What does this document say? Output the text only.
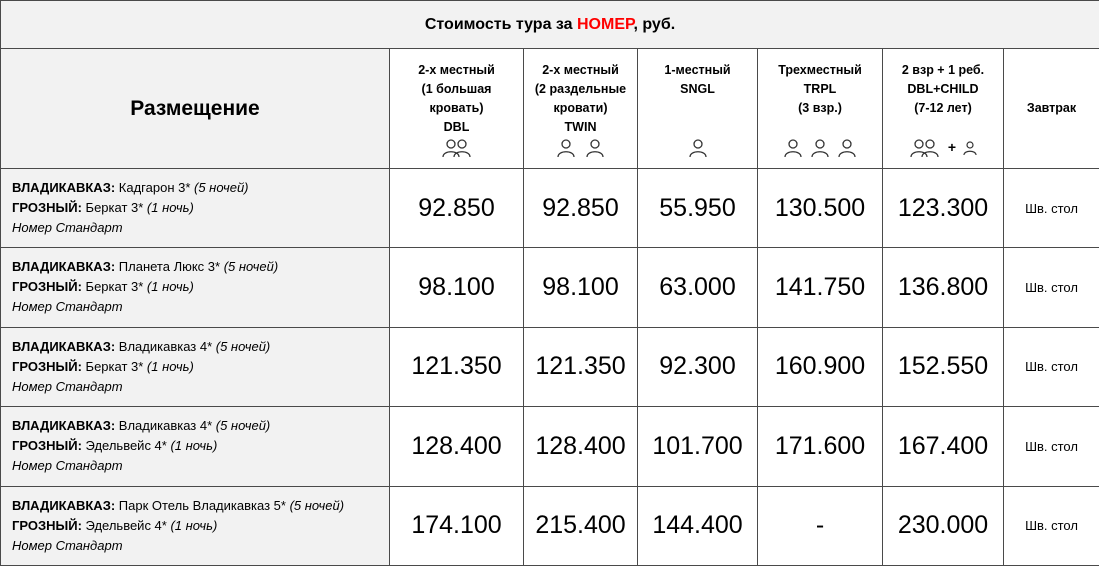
Стоимость тура за НОМЕР, руб.						
Размещение	2-х местный
(1 большая
кровать)
DBL	2-х местный
(2 раздельные
кровати)
TWIN	1-местный
SNGL	Трехместный
TRPL
(3 взр.)	2 взр + 1 реб.
DBL+CHILD
(7-12 лет)
+	Завтрак

ВЛАДИКАВКАЗ: Кадгарон 3* (5 ночей)
ГРОЗНЫЙ: Беркат 3* (1 ночь)
Номер Стандарт	92.850	92.850	55.950	130.500	123.300	Шв. стол

ВЛАДИКАВКАЗ: Планета Люкс 3* (5 ночей)
ГРОЗНЫЙ: Беркат 3* (1 ночь)
Номер Стандарт	98.100	98.100	63.000	141.750	136.800	Шв. стол

ВЛАДИКАВКАЗ: Владикавказ 4* (5 ночей)
ГРОЗНЫЙ: Беркат 3* (1 ночь)
Номер Стандарт	121.350	121.350	92.300	160.900	152.550	Шв. стол

ВЛАДИКАВКАЗ: Владикавказ 4* (5 ночей)
ГРОЗНЫЙ: Эдельвейс 4* (1 ночь)
Номер Стандарт	128.400	128.400	101.700	171.600	167.400	Шв. стол

ВЛАДИКАВКАЗ: Парк Отель Владикавказ 5* (5 ночей)
ГРОЗНЫЙ: Эдельвейс 4* (1 ночь)
Номер Стандарт	174.100	215.400	144.400	-	230.000	Шв. стол
